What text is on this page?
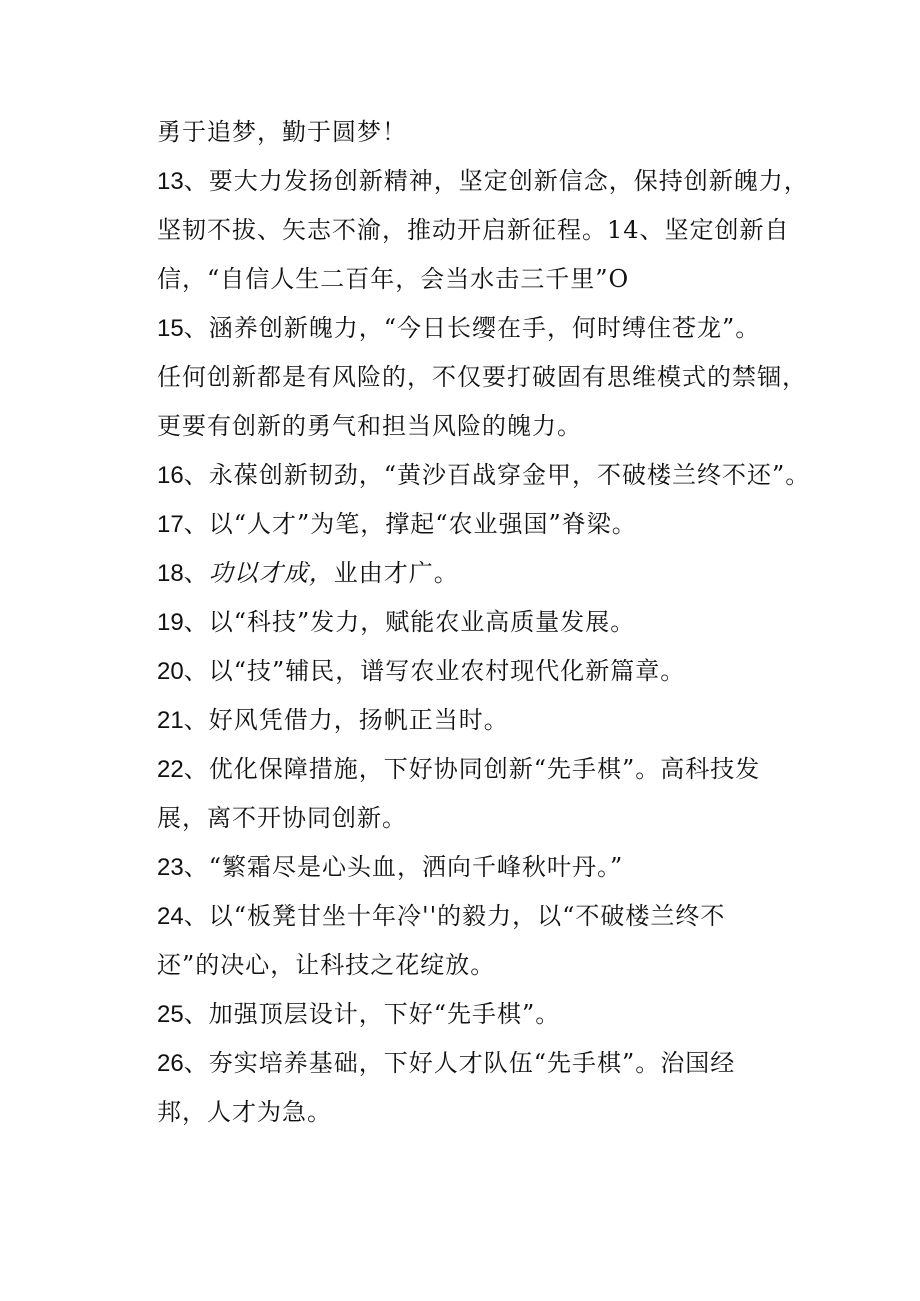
勇于追梦，勤于圆梦！
13、要大力发扬创新精神，坚定创新信念，保持创新魄力，
坚韧不拔、矢志不渝，推动开启新征程。14、坚定创新自
信，“自信人生二百年，会当水击三千里”O
15、涵养创新魄力，“今日长缨在手，何时缚住苍龙”。
任何创新都是有风险的，不仅要打破固有思维模式的禁锢，
更要有创新的勇气和担当风险的魄力。
16、永葆创新韧劲，“黄沙百战穿金甲，不破楼兰终不还”。
17、以“人才”为笔，撑起“农业强国”脊梁。
18、功以才成，业由才广。
19、以“科技”发力，赋能农业高质量发展。
20、以“技”辅民，谱写农业农村现代化新篇章。
21、好风凭借力，扬帆正当时。
22、优化保障措施，下好协同创新“先手棋”。高科技发
展，离不开协同创新。
23、“繁霜尽是心头血，洒向千峰秋叶丹。”
24、以“板凳甘坐十年冷''的毅力，以“不破楼兰终不
还”的决心，让科技之花绽放。
25、加强顶层设计，下好“先手棋”。
26、夯实培养基础，下好人才队伍“先手棋”。治国经
邦，人才为急。
